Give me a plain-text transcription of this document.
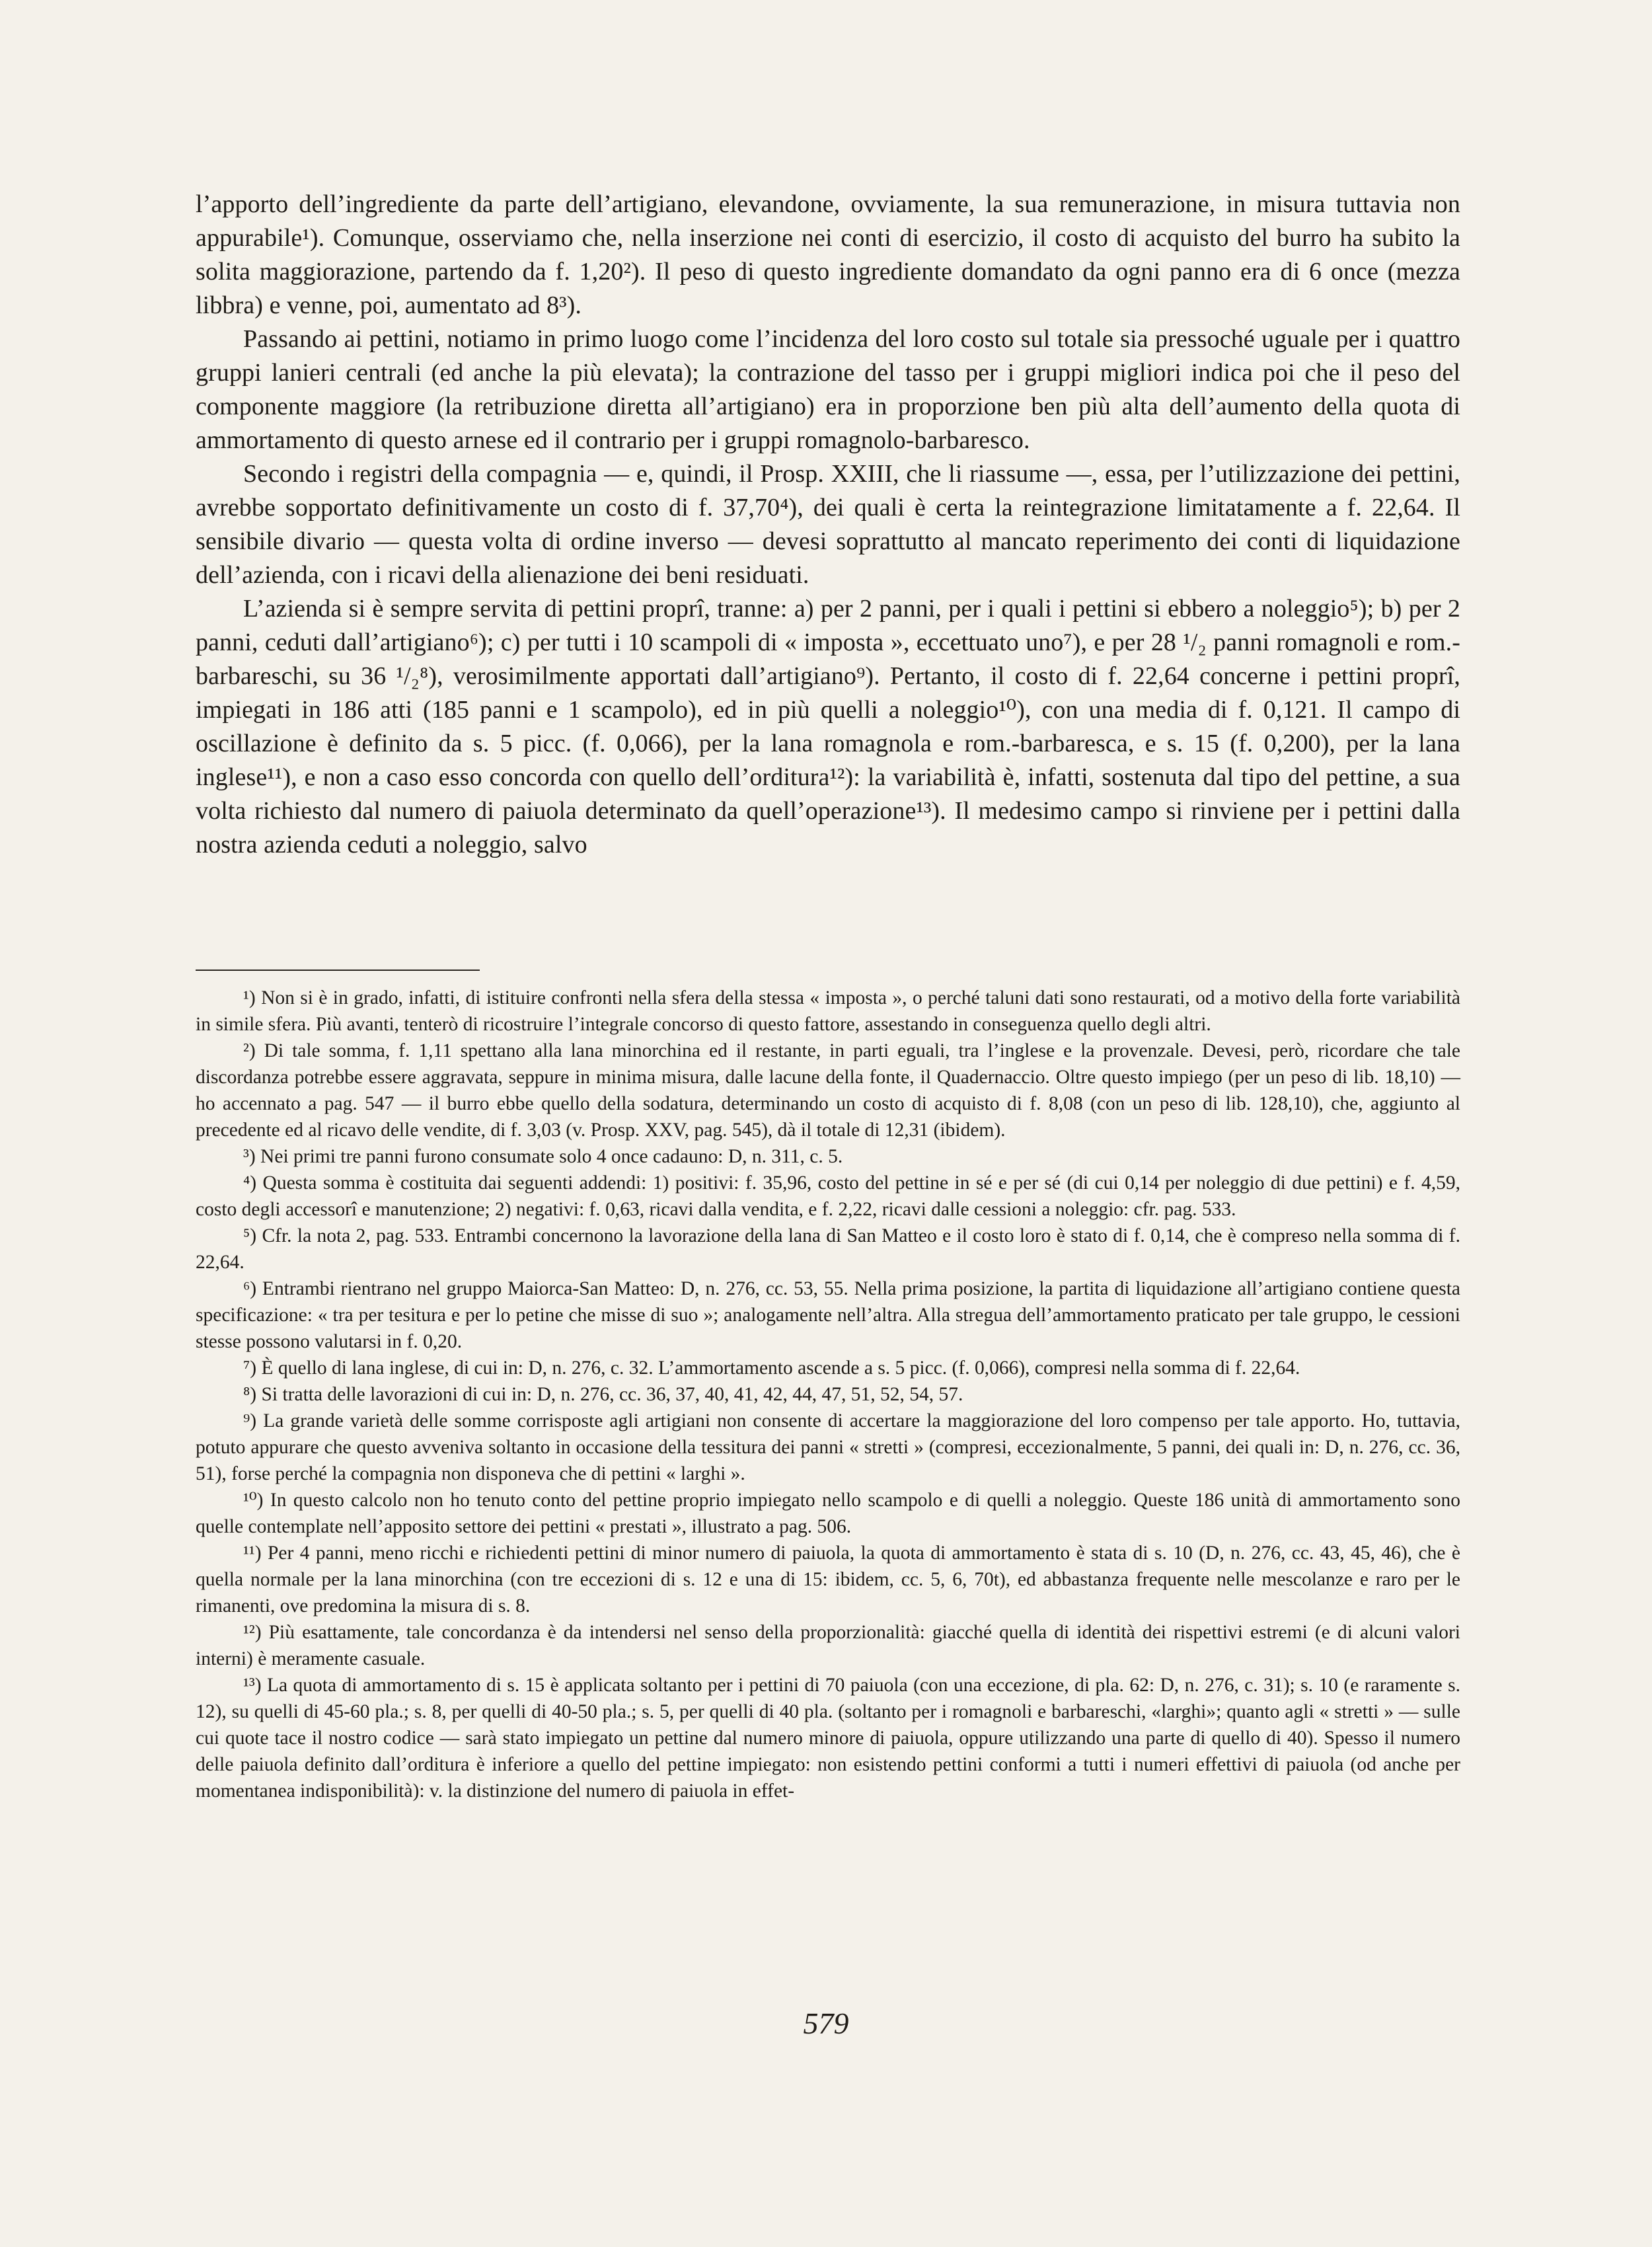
l’apporto dell’ingrediente da parte dell’artigiano, elevandone, ovviamente, la sua remunerazione, in misura tuttavia non appurabile¹). Comunque, osserviamo che, nella inserzione nei conti di esercizio, il costo di acquisto del burro ha subito la solita maggiorazione, partendo da f. 1,20²). Il peso di questo ingrediente domandato da ogni panno era di 6 once (mezza libbra) e venne, poi, aumentato ad 8³).

Passando ai pettini, notiamo in primo luogo come l’incidenza del loro costo sul totale sia pressoché uguale per i quattro gruppi lanieri centrali (ed anche la più elevata); la contrazione del tasso per i gruppi migliori indica poi che il peso del componente maggiore (la retribuzione diretta all’artigiano) era in proporzione ben più alta dell’aumento della quota di ammortamento di questo arnese ed il contrario per i gruppi romagnolo-barbaresco.

Secondo i registri della compagnia — e, quindi, il Prosp. XXIII, che li riassume —, essa, per l’utilizzazione dei pettini, avrebbe sopportato definitivamente un costo di f. 37,70⁴), dei quali è certa la reintegrazione limitatamente a f. 22,64. Il sensibile divario — questa volta di ordine inverso — devesi soprattutto al mancato reperimento dei conti di liquidazione dell’azienda, con i ricavi della alienazione dei beni residuati.

L’azienda si è sempre servita di pettini proprî, tranne: a) per 2 panni, per i quali i pettini si ebbero a noleggio⁵); b) per 2 panni, ceduti dall’artigiano⁶); c) per tutti i 10 scampoli di « imposta », eccettuato uno⁷), e per 28 ¹/₂ panni romagnoli e rom.-barbareschi, su 36 ¹/₂⁸), verosimilmente apportati dall’artigiano⁹). Pertanto, il costo di f. 22,64 concerne i pettini proprî, impiegati in 186 atti (185 panni e 1 scampolo), ed in più quelli a noleggio¹⁰), con una media di f. 0,121. Il campo di oscillazione è definito da s. 5 picc. (f. 0,066), per la lana romagnola e rom.-barbaresca, e s. 15 (f. 0,200), per la lana inglese¹¹), e non a caso esso concorda con quello dell’orditura¹²): la variabilità è, infatti, sostenuta dal tipo del pettine, a sua volta richiesto dal numero di paiuola determinato da quell’operazione¹³). Il medesimo campo si rinviene per i pettini dalla nostra azienda ceduti a noleggio, salvo

¹) Non si è in grado, infatti, di istituire confronti nella sfera della stessa « imposta », o perché taluni dati sono restaurati, od a motivo della forte variabilità in simile sfera. Più avanti, tenterò di ricostruire l’integrale concorso di questo fattore, assestando in conseguenza quello degli altri.

²) Di tale somma, f. 1,11 spettano alla lana minorchina ed il restante, in parti eguali, tra l’inglese e la provenzale. Devesi, però, ricordare che tale discordanza potrebbe essere aggravata, seppure in minima misura, dalle lacune della fonte, il Quadernaccio. Oltre questo impiego (per un peso di lib. 18,10) — ho accennato a pag. 547 — il burro ebbe quello della sodatura, determinando un costo di acquisto di f. 8,08 (con un peso di lib. 128,10), che, aggiunto al precedente ed al ricavo delle vendite, di f. 3,03 (v. Prosp. XXV, pag. 545), dà il totale di 12,31 (ibidem).

³) Nei primi tre panni furono consumate solo 4 once cadauno: D, n. 311, c. 5.

⁴) Questa somma è costituita dai seguenti addendi: 1) positivi: f. 35,96, costo del pettine in sé e per sé (di cui 0,14 per noleggio di due pettini) e f. 4,59, costo degli accessorî e manutenzione; 2) negativi: f. 0,63, ricavi dalla vendita, e f. 2,22, ricavi dalle cessioni a noleggio: cfr. pag. 533.

⁵) Cfr. la nota 2, pag. 533. Entrambi concernono la lavorazione della lana di San Matteo e il costo loro è stato di f. 0,14, che è compreso nella somma di f. 22,64.

⁶) Entrambi rientrano nel gruppo Maiorca-San Matteo: D, n. 276, cc. 53, 55. Nella prima posizione, la partita di liquidazione all’artigiano contiene questa specificazione: « tra per tesitura e per lo petine che misse di suo »; analogamente nell’altra. Alla stregua dell’ammortamento praticato per tale gruppo, le cessioni stesse possono valutarsi in f. 0,20.

⁷) È quello di lana inglese, di cui in: D, n. 276, c. 32. L’ammortamento ascende a s. 5 picc. (f. 0,066), compresi nella somma di f. 22,64.

⁸) Si tratta delle lavorazioni di cui in: D, n. 276, cc. 36, 37, 40, 41, 42, 44, 47, 51, 52, 54, 57.

⁹) La grande varietà delle somme corrisposte agli artigiani non consente di accertare la maggiorazione del loro compenso per tale apporto. Ho, tuttavia, potuto appurare che questo avveniva soltanto in occasione della tessitura dei panni « stretti » (compresi, eccezionalmente, 5 panni, dei quali in: D, n. 276, cc. 36, 51), forse perché la compagnia non disponeva che di pettini « larghi ».

¹⁰) In questo calcolo non ho tenuto conto del pettine proprio impiegato nello scampolo e di quelli a noleggio. Queste 186 unità di ammortamento sono quelle contemplate nell’apposito settore dei pettini « prestati », illustrato a pag. 506.

¹¹) Per 4 panni, meno ricchi e richiedenti pettini di minor numero di paiuola, la quota di ammortamento è stata di s. 10 (D, n. 276, cc. 43, 45, 46), che è quella normale per la lana minorchina (con tre eccezioni di s. 12 e una di 15: ibidem, cc. 5, 6, 70t), ed abbastanza frequente nelle mescolanze e raro per le rimanenti, ove predomina la misura di s. 8.

¹²) Più esattamente, tale concordanza è da intendersi nel senso della proporzionalità: giacché quella di identità dei rispettivi estremi (e di alcuni valori interni) è meramente casuale.

¹³) La quota di ammortamento di s. 15 è applicata soltanto per i pettini di 70 paiuola (con una eccezione, di pla. 62: D, n. 276, c. 31); s. 10 (e raramente s. 12), su quelli di 45-60 pla.; s. 8, per quelli di 40-50 pla.; s. 5, per quelli di 40 pla. (soltanto per i romagnoli e barbareschi, «larghi»; quanto agli « stretti » — sulle cui quote tace il nostro codice — sarà stato impiegato un pettine dal numero minore di paiuola, oppure utilizzando una parte di quello di 40). Spesso il numero delle paiuola definito dall’orditura è inferiore a quello del pettine impiegato: non esistendo pettini conformi a tutti i numeri effettivi di paiuola (od anche per momentanea indisponibilità): v. la distinzione del numero di paiuola in effet-

579
